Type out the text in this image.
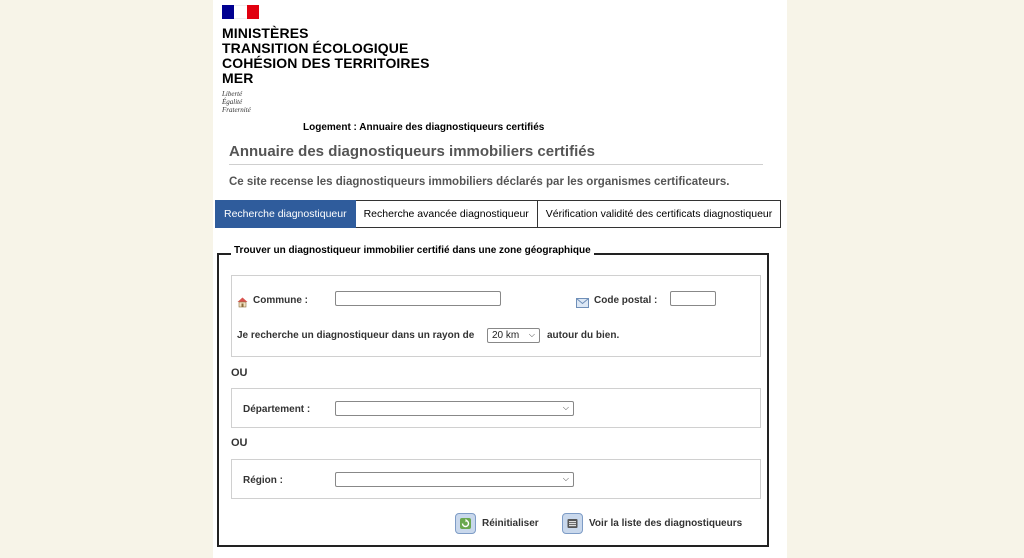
MINISTÈRES
TRANSITION ÉCOLOGIQUE
COHÉSION DES TERRITOIRES
MER
Liberté
Égalité
Fraternité
Logement : Annuaire des diagnostiqueurs certifiés
Annuaire des diagnostiqueurs immobiliers certifiés
Ce site recense les diagnostiqueurs immobiliers déclarés par les organismes certificateurs.
Recherche diagnostiqueur	Recherche avancée diagnostiqueur	Vérification validité des certificats diagnostiqueur
Trouver un diagnostiqueur immobilier certifié dans une zone géographique
Commune :	Code postal :
Je recherche un diagnostiqueur dans un rayon de	20 km ⌵ autour du bien.
OU
Département :	⌵
OU
Région :	⌵
Réinitialiser	Voir la liste des diagnostiqueurs
